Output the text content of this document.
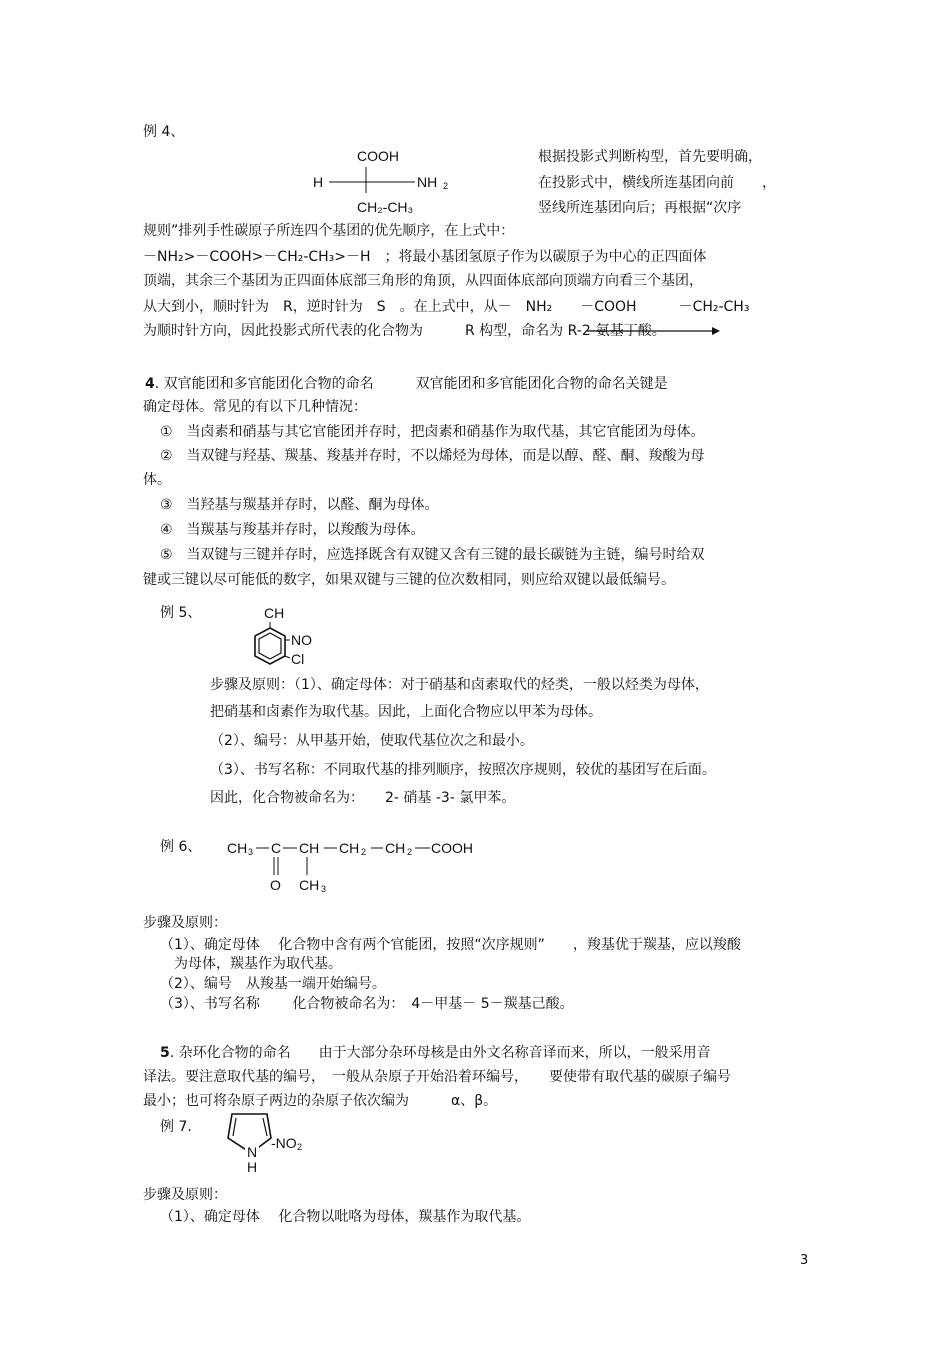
例 4、
COOH
H	NH 2
CH₂-CH₃
根据投影式判断构型，首先要明确，
在投影式中，横线所连基团向前　　，
竖线所连基团向后；再根据“次序
规则”排列手性碳原子所连四个基团的优先顺序，在上式中：
－NH₂>－COOH>－CH₂-CH₃>－H　；将最小基团氢原子作为以碳原子为中心的正四面体
顶端，其余三个基团为正四面体底部三角形的角顶，从四面体底部向顶端方向看三个基团，
从大到小，顺时针为　R，逆时针为　S　。在上式中，从－　NH₂　　－COOH　　　－CH₂-CH₃
为顺时针方向，因此投影式所代表的化合物为　　　R 构型，命名为 R-2-氨基丁酸。
4. 双官能团和多官能团化合物的命名　　　双官能团和多官能团化合物的命名关键是
确定母体。常见的有以下几种情况：
①　当卤素和硝基与其它官能团并存时，把卤素和硝基作为取代基，其它官能团为母体。
②　当双键与羟基、羰基、羧基并存时，不以烯烃为母体，而是以醇、醛、酮、羧酸为母
体。
③　当羟基与羰基并存时，以醛、酮为母体。
④　当羰基与羧基并存时，以羧酸为母体。
⑤　当双键与三键并存时，应选择既含有双键又含有三键的最长碳链为主链，编号时给双
键或三键以尽可能低的数字，如果双键与三键的位次数相同，则应给双键以最低编号。
例 5、	CH
NO
Cl
步骤及原则：（1）、确定母体：对于硝基和卤素取代的烃类，一般以烃类为母体，
把硝基和卤素作为取代基。因此，上面化合物应以甲苯为母体。
（2）、编号：从甲基开始，使取代基位次之和最小。
（3）、书写名称：不同取代基的排列顺序，按照次序规则，较优的基团写在后面。
因此，化合物被命名为：　　2- 硝基 -3- 氯甲苯。
例 6、 CH 3 C CH CH 2 CH 2 COOH
O CH 3
步骤及原则：
（1）、确定母体　 化合物中含有两个官能团，按照“次序规则”　　，羧基优于羰基，应以羧酸
为母体，羰基作为取代基。
（2）、编号　从羧基一端开始编号。
（3）、书写名称　　 化合物被命名为：　4－甲基－ 5－羰基己酸。
5. 杂环化合物的命名　　由于大部分杂环母核是由外文名称音译而来，所以，一般采用音
译法。要注意取代基的编号，　一般从杂原子开始沿着环编号，　　要使带有取代基的碳原子编号
最小；也可将杂原子两边的杂原子依次编为　　　α、β。
例 7.
N
H
-NO 2
步骤及原则：
（1）、确定母体　 化合物以吡咯为母体，羰基作为取代基。
3
